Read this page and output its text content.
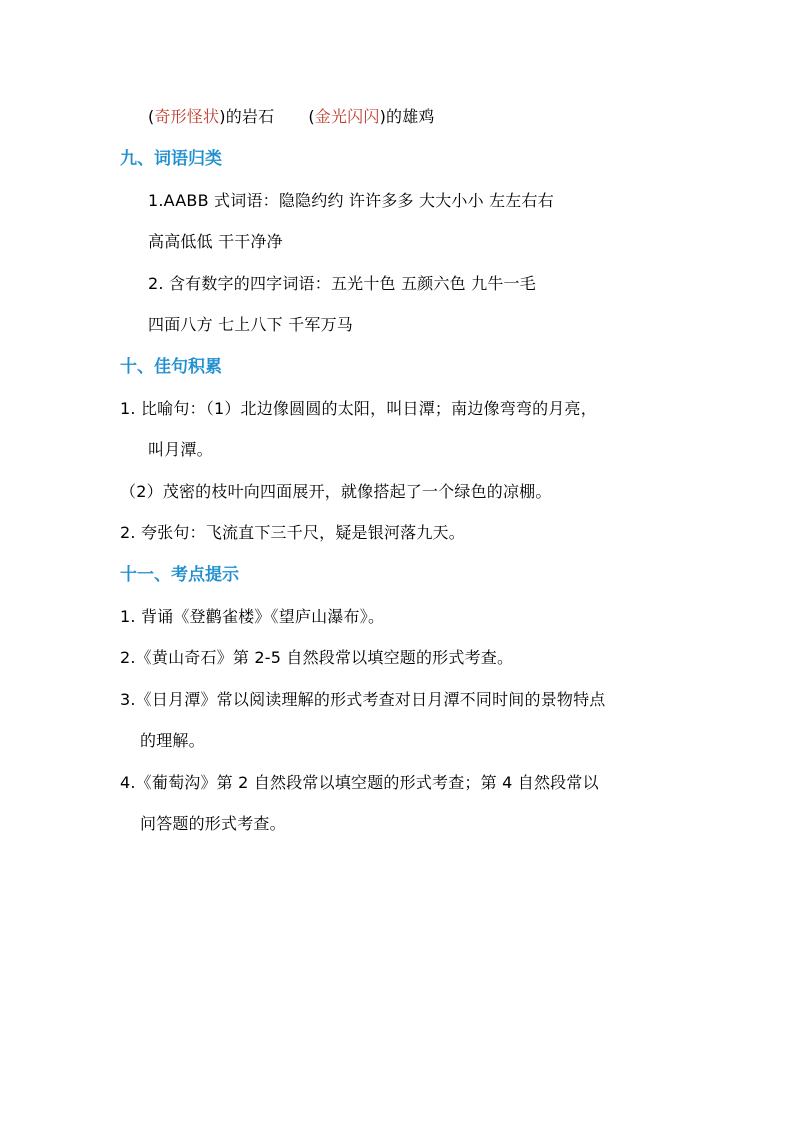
(奇形怪状)的岩石 (金光闪闪)的雄鸡
九、词语归类
1.AABB 式词语：隐隐约约 许许多多 大大小小 左左右右
高高低低 干干净净
2. 含有数字的四字词语：五光十色 五颜六色 九牛一毛
四面八方 七上八下 千军万马
十、佳句积累
1. 比喻句：（1）北边像圆圆的太阳，叫日潭；南边像弯弯的月亮，
叫月潭。
（2）茂密的枝叶向四面展开，就像搭起了一个绿色的凉棚。
2. 夸张句：飞流直下三千尺，疑是银河落九天。
十一、考点提示
1. 背诵《登鹳雀楼》《望庐山瀑布》。
2.《黄山奇石》第 2-5 自然段常以填空题的形式考查。
3.《日月潭》常以阅读理解的形式考查对日月潭不同时间的景物特点
的理解。
4.《葡萄沟》第 2 自然段常以填空题的形式考查；第 4 自然段常以
问答题的形式考查。
